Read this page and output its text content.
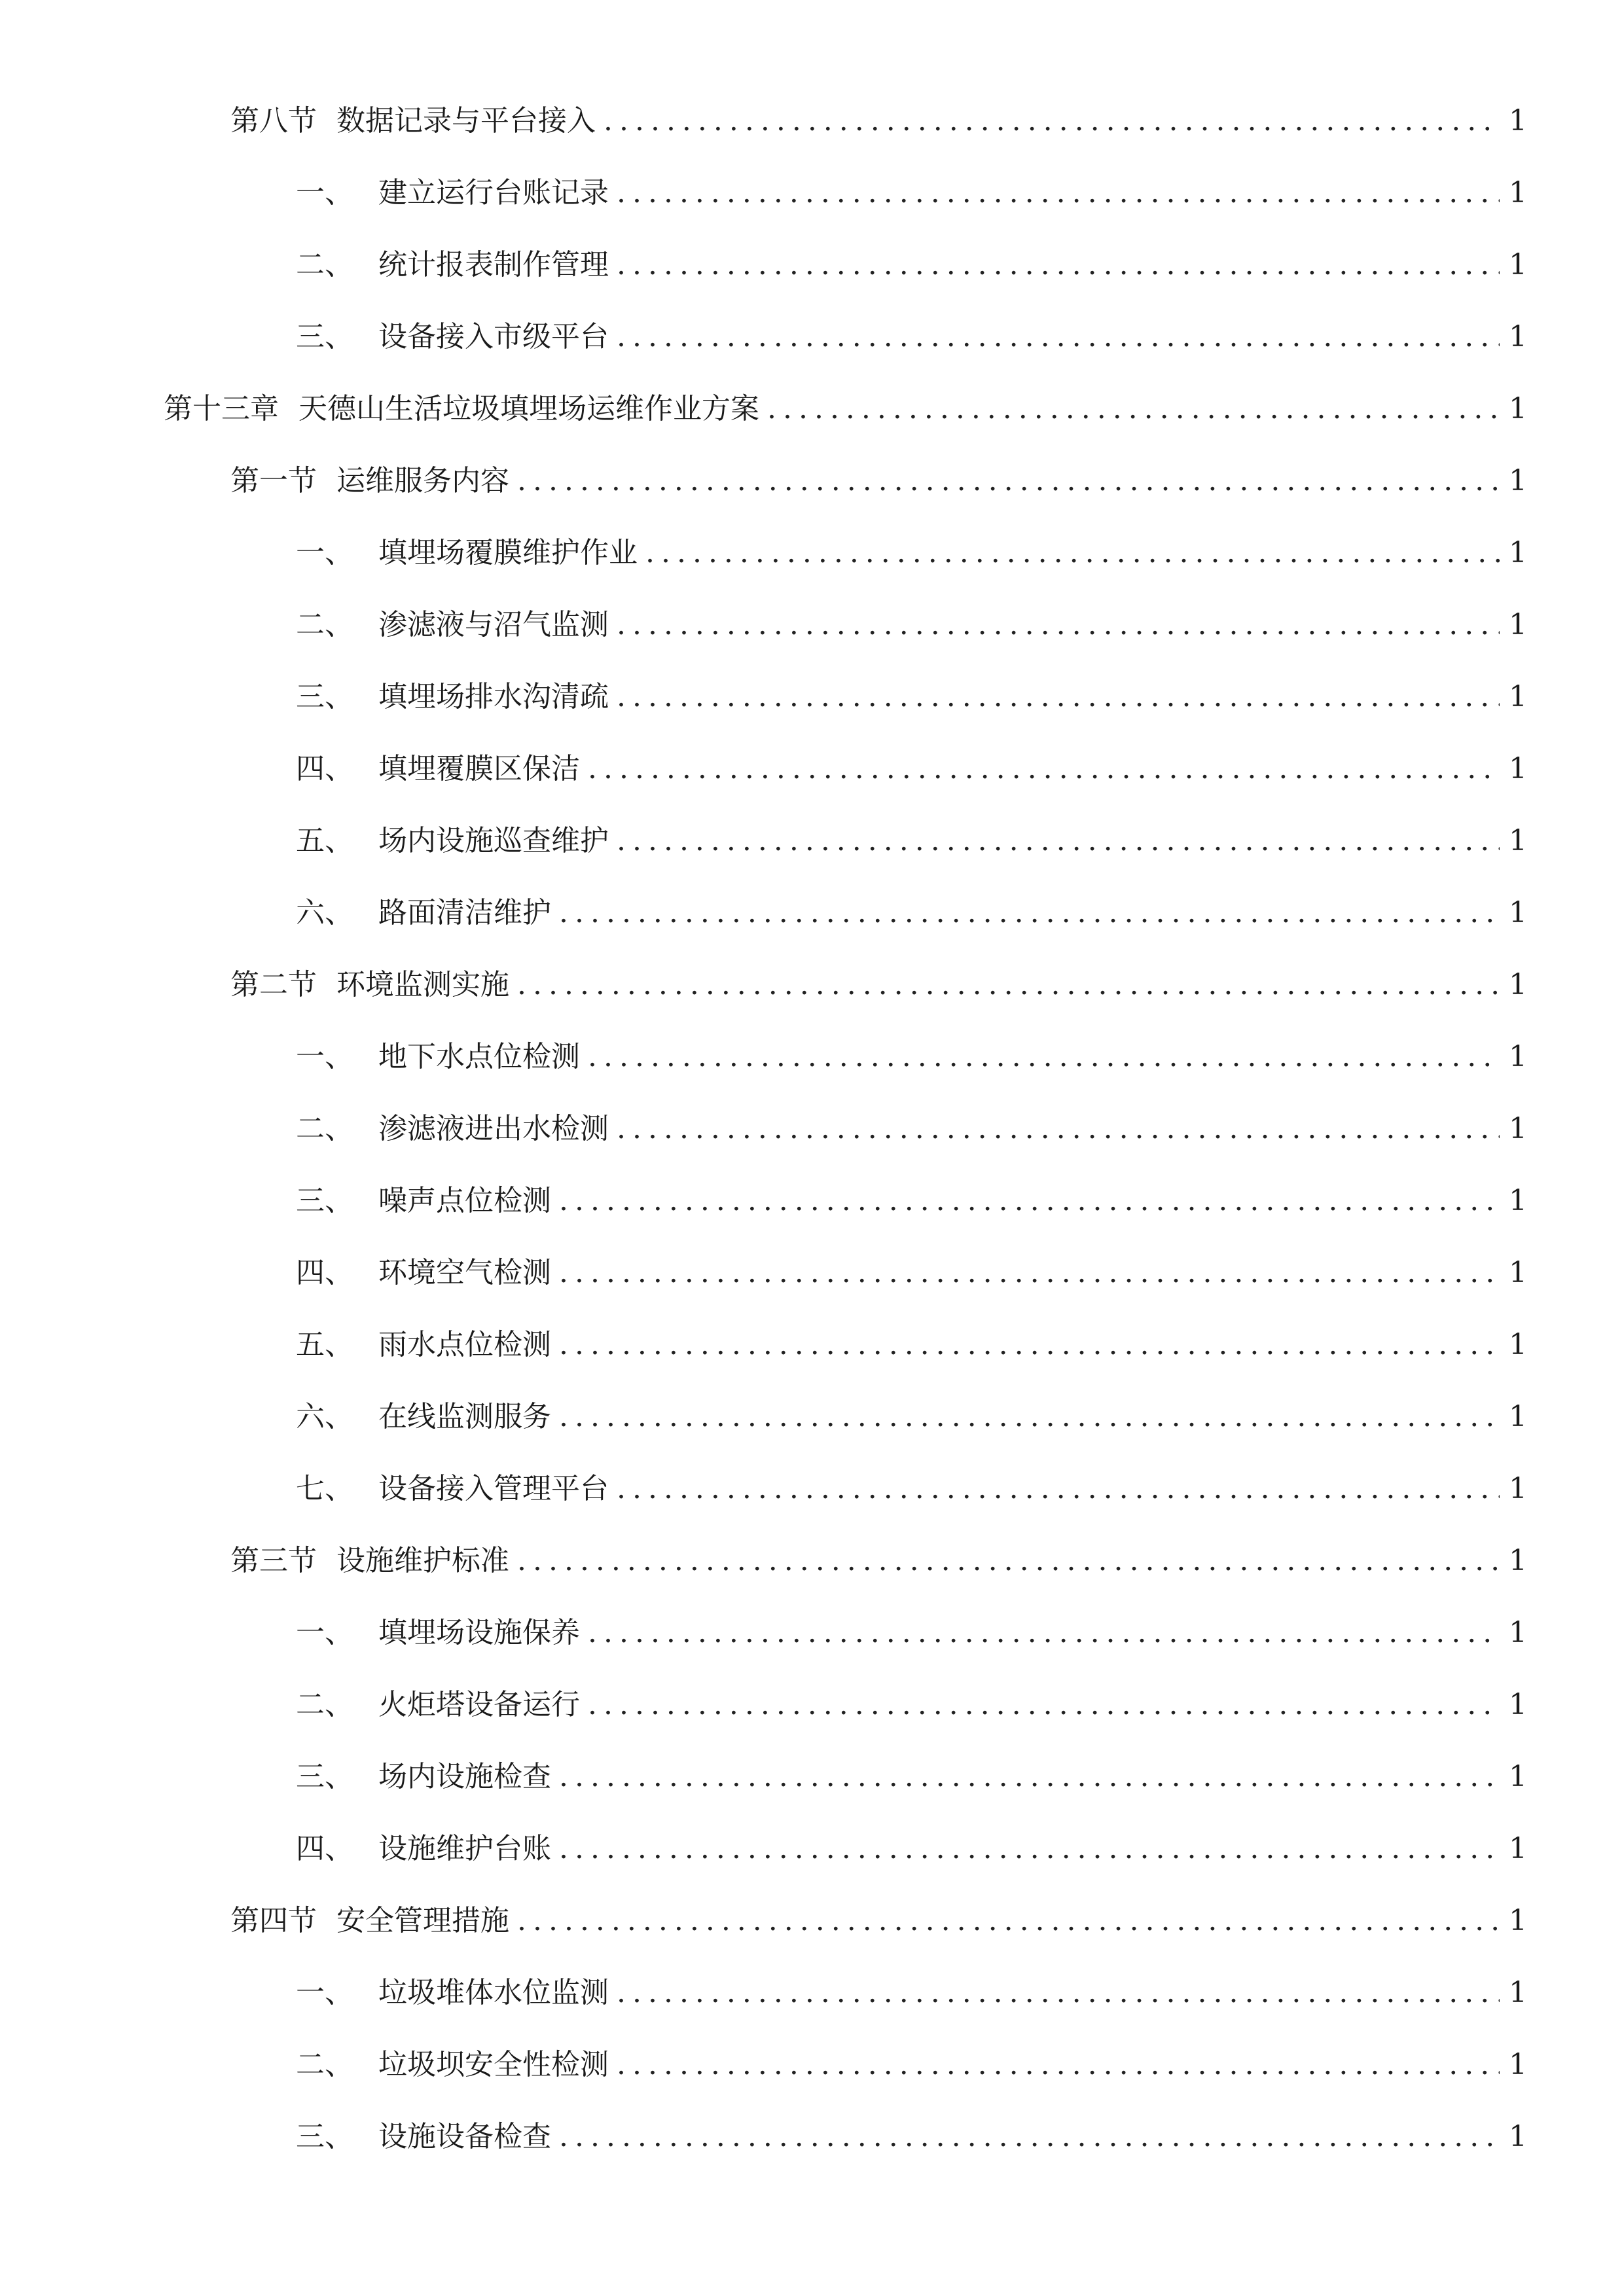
第八节 数据记录与平台接入 .....	1
一、 建立运行台账记录 .....	1
二、 统计报表制作管理 .....	1
三、 设备接入市级平台 .....	1
第十三章 天德山生活垃圾填埋场运维作业方案 .....	1
第一节 运维服务内容 .....	1
一、 填埋场覆膜维护作业 .....	1
二、 渗滤液与沼气监测 .....	1
三、 填埋场排水沟清疏 .....	1
四、 填埋覆膜区保洁 .....	1
五、 场内设施巡查维护 .....	1
六、 路面清洁维护 .....	1
第二节 环境监测实施 .....	1
一、 地下水点位检测 .....	1
二、 渗滤液进出水检测 .....	1
三、 噪声点位检测 .....	1
四、 环境空气检测 .....	1
五、 雨水点位检测 .....	1
六、 在线监测服务 .....	1
七、 设备接入管理平台 .....	1
第三节 设施维护标准 .....	1
一、 填埋场设施保养 .....	1
二、 火炬塔设备运行 .....	1
三、 场内设施检查 .....	1
四、 设施维护台账 .....	1
第四节 安全管理措施 .....	1
一、 垃圾堆体水位监测 .....	1
二、 垃圾坝安全性检测 .....	1
三、 设施设备检查 .....	1
